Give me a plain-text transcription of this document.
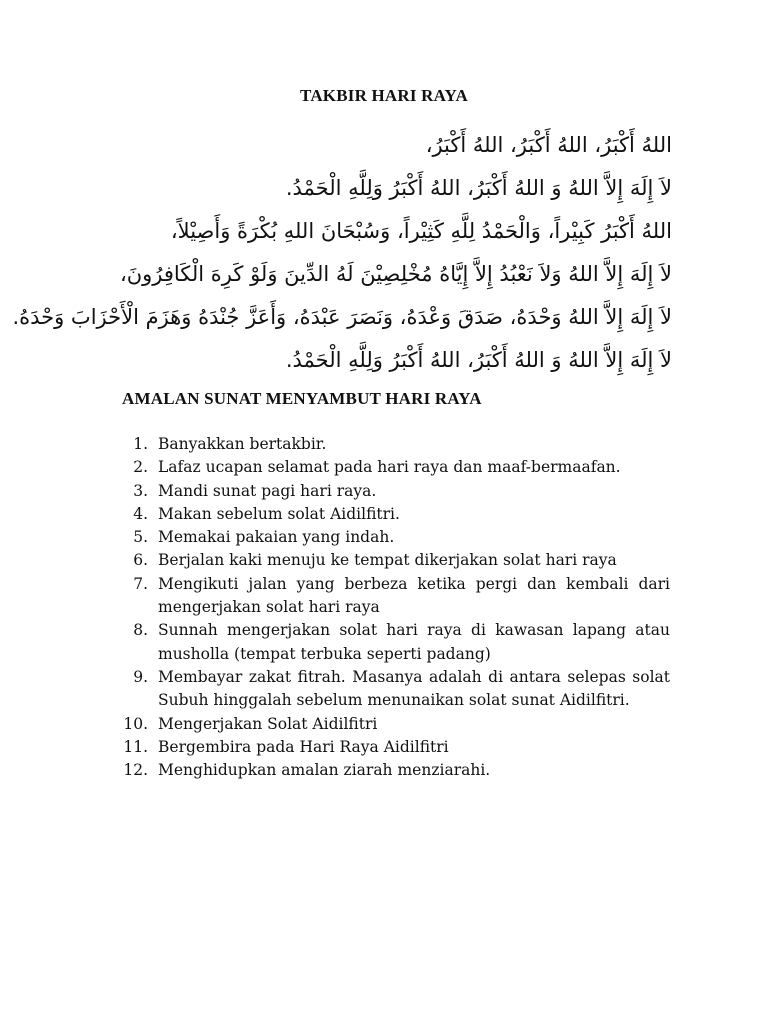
TAKBIR HARI RAYA
اللهُ أَكْبَرُ، اللهُ أَكْبَرُ، اللهُ أَكْبَرُ،
لاَ إِلَهَ إِلاَّ اللهُ وَ اللهُ أَكْبَرُ، اللهُ أَكْبَرُ وَلِلَّهِ الْحَمْدُ.
اللهُ أَكْبَرُ كَبِيْراً، وَالْحَمْدُ لِلَّهِ كَثِيْراً، وَسُبْحَانَ اللهِ بُكْرَةً وَأَصِيْلاً،
لاَ إِلَهَ إِلاَّ اللهُ وَلاَ نَعْبُدُ إِلاَّ إِيَّاهُ مُخْلِصِيْنَ لَهُ الدِّينَ وَلَوْ كَرِهَ الْكَافِرُونَ،
لاَ إِلَهَ إِلاَّ اللهُ وَحْدَهُ، صَدَقَ وَعْدَهُ، وَنَصَرَ عَبْدَهُ، وَأَعَزَّ جُنْدَهُ وَهَزَمَ الْأَحْزَابَ وَحْدَهُ.
لاَ إِلَهَ إِلاَّ اللهُ وَ اللهُ أَكْبَرُ، اللهُ أَكْبَرُ وَلِلَّهِ الْحَمْدُ.
AMALAN SUNAT MENYAMBUT HARI RAYA
1. Banyakkan bertakbir.
2. Lafaz ucapan selamat pada hari raya dan maaf-bermaafan.
3. Mandi sunat pagi hari raya.
4. Makan sebelum solat Aidilfitri.
5. Memakai pakaian yang indah.
6. Berjalan kaki menuju ke tempat dikerjakan solat hari raya
7. Mengikuti jalan yang berbeza ketika pergi dan kembali dari mengerjakan solat hari raya
8. Sunnah mengerjakan solat hari raya di kawasan lapang atau musholla (tempat terbuka seperti padang)
9. Membayar zakat fitrah. Masanya adalah di antara selepas solat Subuh hinggalah sebelum menunaikan solat sunat Aidilfitri.
10. Mengerjakan Solat Aidilfitri
11. Bergembira pada Hari Raya Aidilfitri
12. Menghidupkan amalan ziarah menziarahi.
